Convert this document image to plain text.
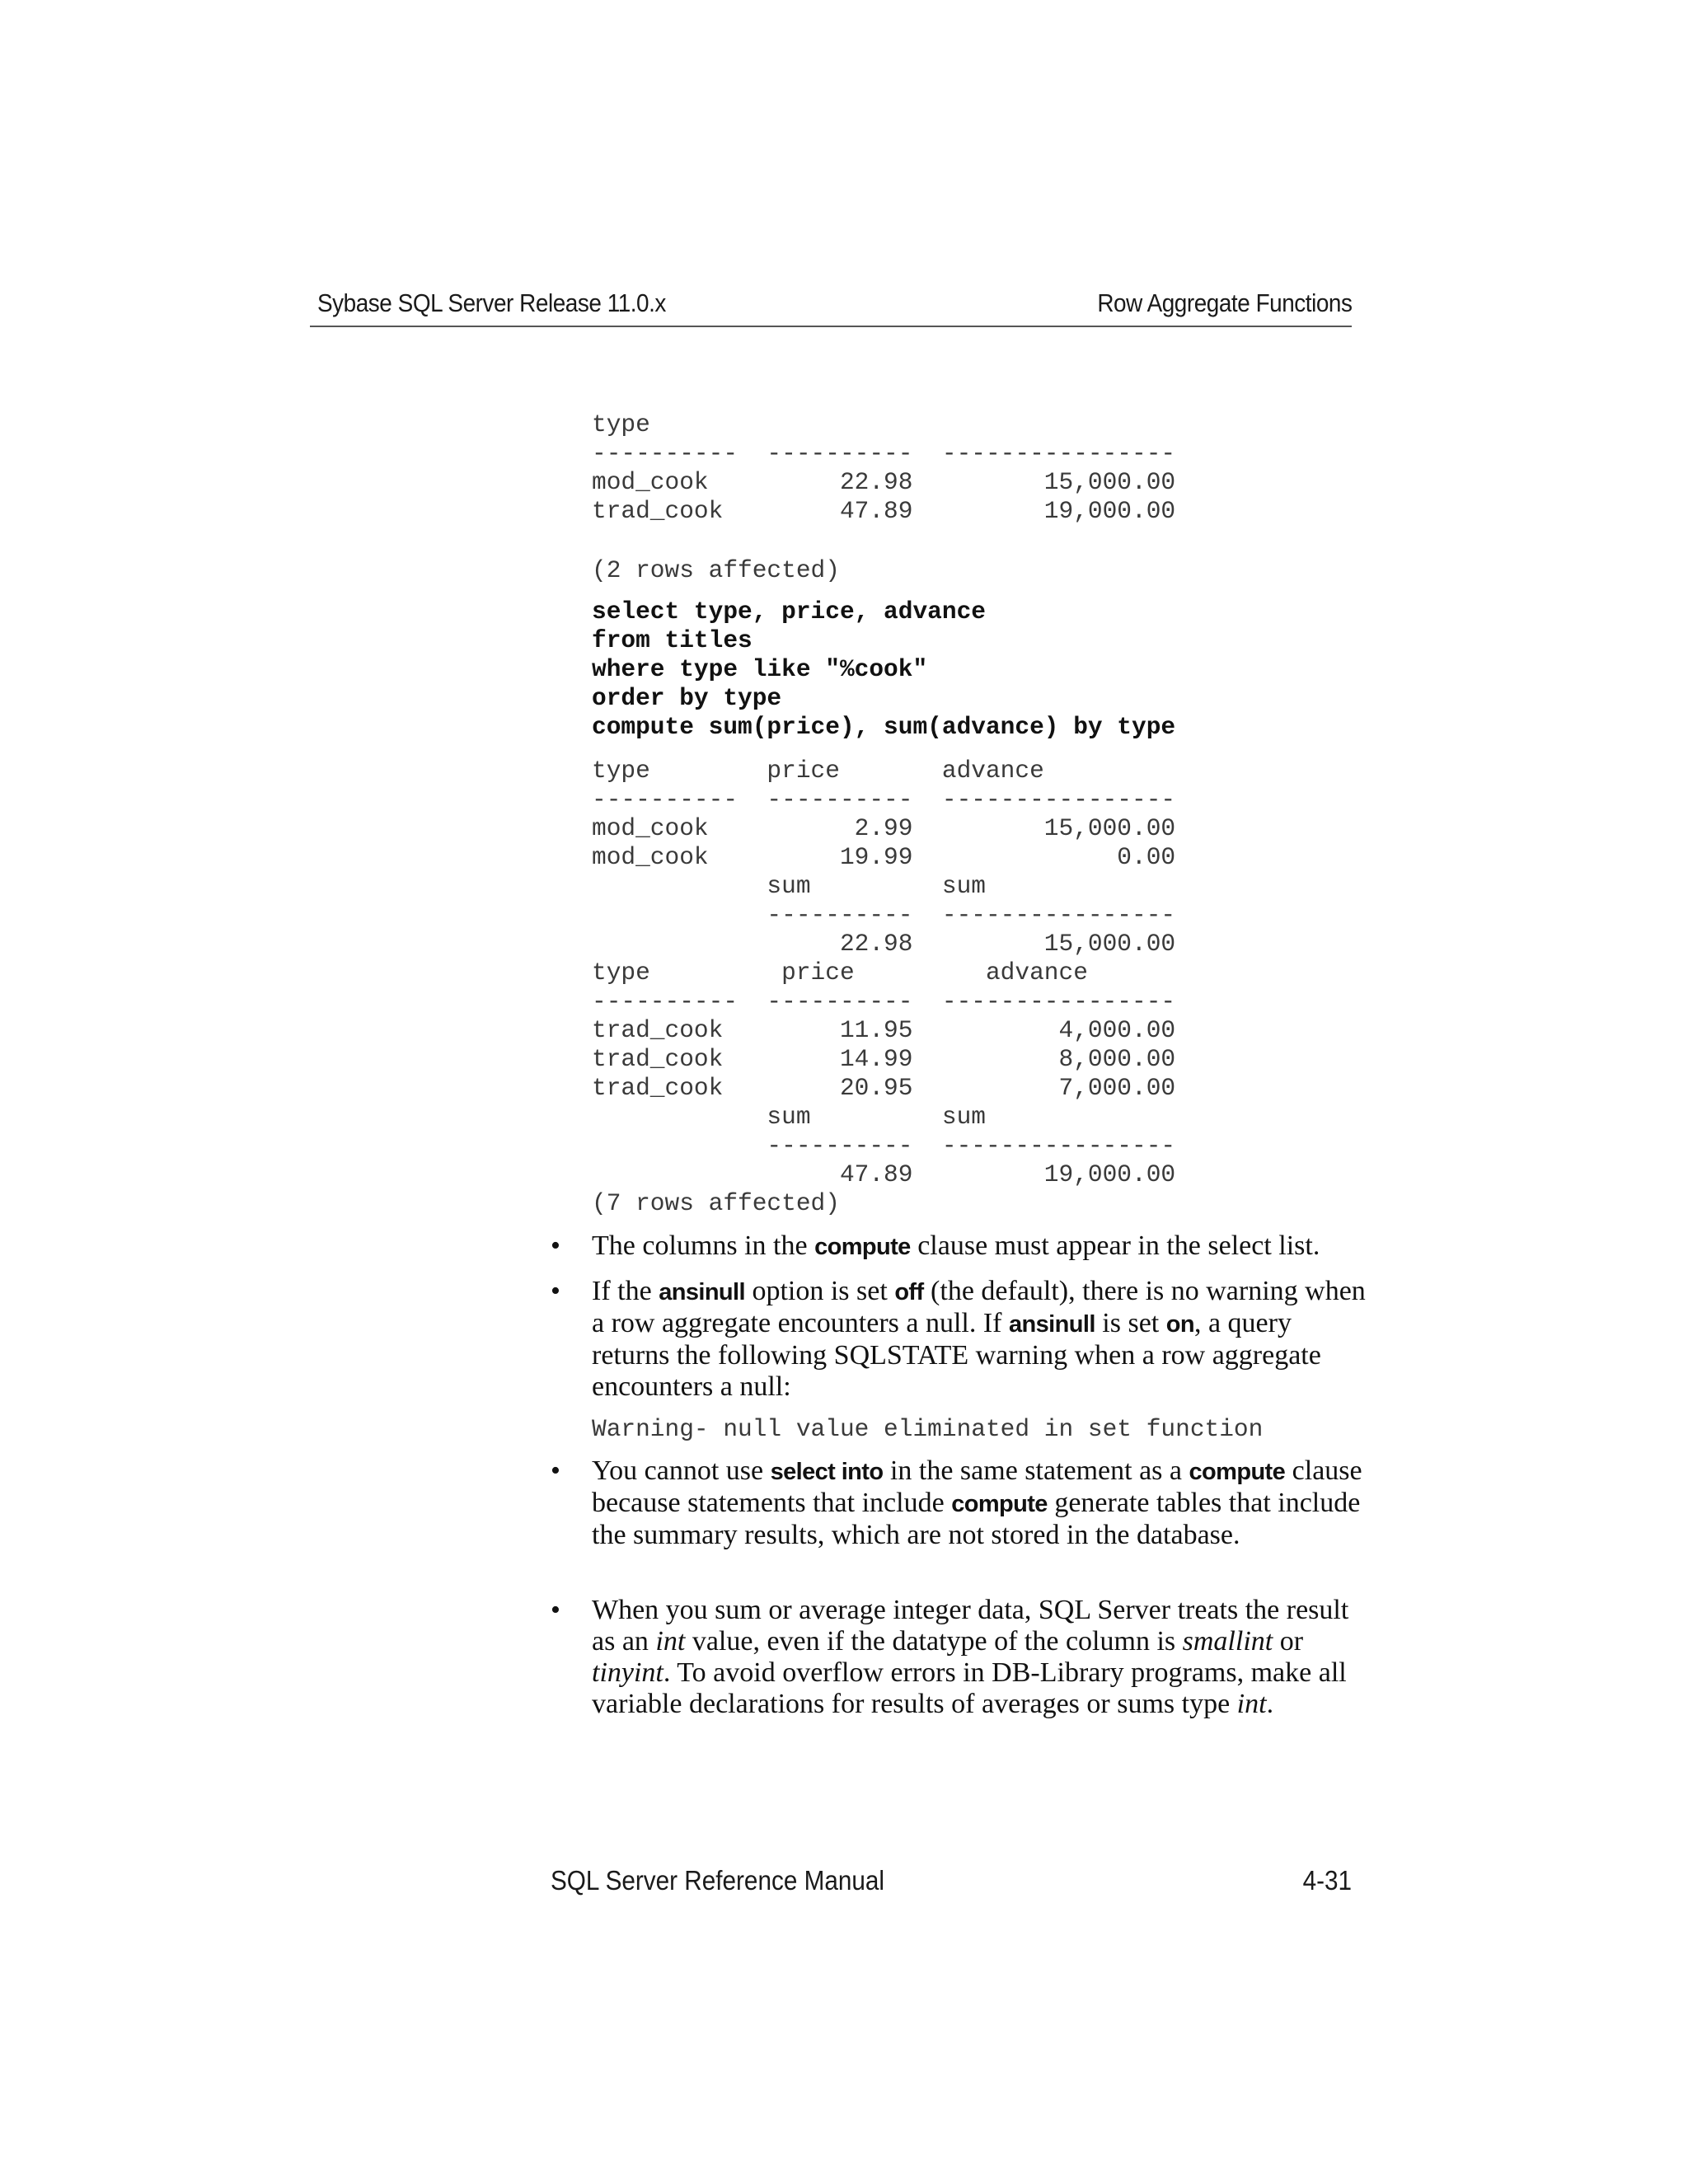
Sybase SQL Server Release 11.0.x	Row Aggregate Functions
type
----------  ----------  ----------------
mod_cook         22.98         15,000.00
trad_cook        47.89         19,000.00
(2 rows affected)
select type, price, advance
from titles
where type like "%cook"
order by type
compute sum(price), sum(advance) by type
type        price       advance
----------  ----------  ----------------
mod_cook          2.99         15,000.00
mod_cook         19.99              0.00
sum         sum
----------  ----------------
22.98         15,000.00
type         price         advance
----------  ----------  ----------------
trad_cook        11.95          4,000.00
trad_cook        14.99          8,000.00
trad_cook        20.95          7,000.00
sum         sum
----------  ----------------
47.89         19,000.00
(7 rows affected)
• The columns in the compute clause must appear in the select list.
• If the ansinull option is set off (the default), there is no warning when a row aggregate encounters a null. If ansinull is set on, a query returns the following SQLSTATE warning when a row aggregate encounters a null:
Warning- null value eliminated in set function
• You cannot use select into in the same statement as a compute clause because statements that include compute generate tables that include the summary results, which are not stored in the database.
• When you sum or average integer data, SQL Server treats the result as an int value, even if the datatype of the column is smallint or tinyint. To avoid overflow errors in DB-Library programs, make all variable declarations for results of averages or sums type int.
SQL Server Reference Manual	4-31
